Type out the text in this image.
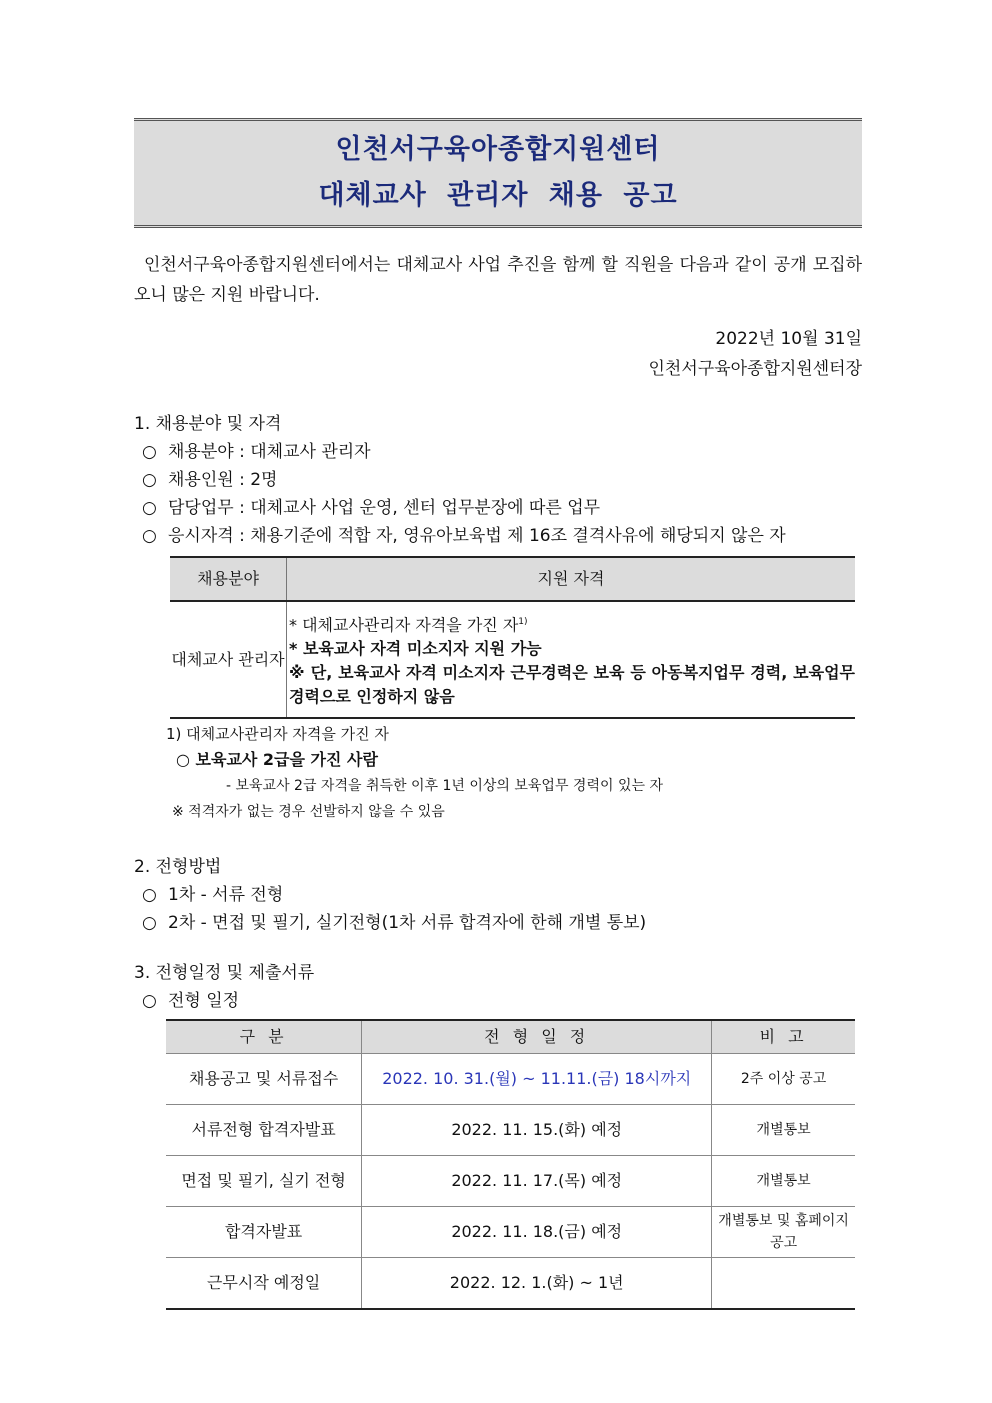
인천서구육아종합지원센터
대체교사 관리자 채용 공고
인천서구육아종합지원센터에서는 대체교사 사업 추진을 함께 할 직원을 다음과 같이 공개 모집하오니 많은 지원 바랍니다.
2022년 10월 31일
인천서구육아종합지원센터장
1. 채용분야 및 자격
○ 채용분야 : 대체교사 관리자
○ 채용인원 : 2명
○ 담당업무 : 대체교사 사업 운영, 센터 업무분장에 따른 업무
○ 응시자격 : 채용기준에 적합 자, 영유아보육법 제 16조 결격사유에 해당되지 않은 자
채용분야	지원 자격
대체교사 관리자	* 대체교사관리자 자격을 가진 자$^{1)}$
* 보육교사 자격 미소지자 지원 가능
※ 단, 보육교사 자격 미소지자 근무경력은 보육 등 아동복지업무 경력, 보육업무 경력으로 인정하지 않음
1) 대체교사관리자 자격을 가진 자
○ 보육교사 2급을 가진 사람
- 보육교사 2급 자격을 취득한 이후 1년 이상의 보육업무 경력이 있는 자
※ 적격자가 없는 경우 선발하지 않을 수 있음
2. 전형방법
○ 1차 - 서류 전형
○ 2차 - 면접 및 필기, 실기전형(1차 서류 합격자에 한해 개별 통보)
3. 전형일정 및 제출서류
○ 전형 일정
구 분	전 형 일 정	비 고
채용공고 및 서류접수	2022. 10. 31.(월) ~ 11.11.(금) 18시까지	2주 이상 공고
서류전형 합격자발표	2022. 11. 15.(화) 예정	개별통보
면접 및 필기, 실기 전형	2022. 11. 17.(목) 예정	개별통보
합격자발표	2022. 11. 18.(금) 예정	개별통보 및 홈페이지 공고
근무시작 예정일	2022. 12. 1.(화) ~ 1년	
